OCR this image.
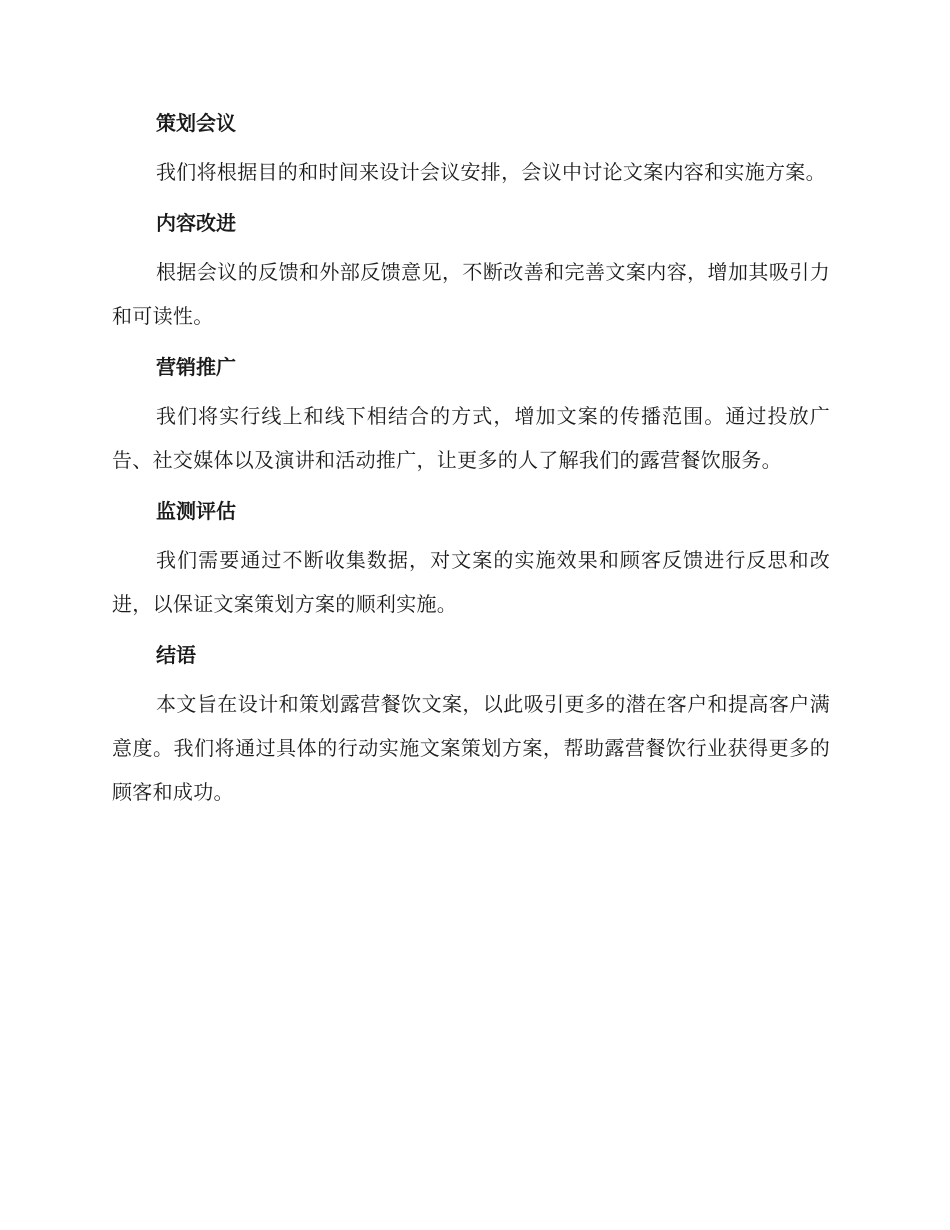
策划会议

我们将根据目的和时间来设计会议安排，会议中讨论文案内容和实施方案。

内容改进

根据会议的反馈和外部反馈意见，不断改善和完善文案内容，增加其吸引力和可读性。

营销推广

我们将实行线上和线下相结合的方式，增加文案的传播范围。通过投放广告、社交媒体以及演讲和活动推广，让更多的人了解我们的露营餐饮服务。

监测评估

我们需要通过不断收集数据，对文案的实施效果和顾客反馈进行反思和改进，以保证文案策划方案的顺利实施。

结语

本文旨在设计和策划露营餐饮文案，以此吸引更多的潜在客户和提高客户满意度。我们将通过具体的行动实施文案策划方案，帮助露营餐饮行业获得更多的顾客和成功。
